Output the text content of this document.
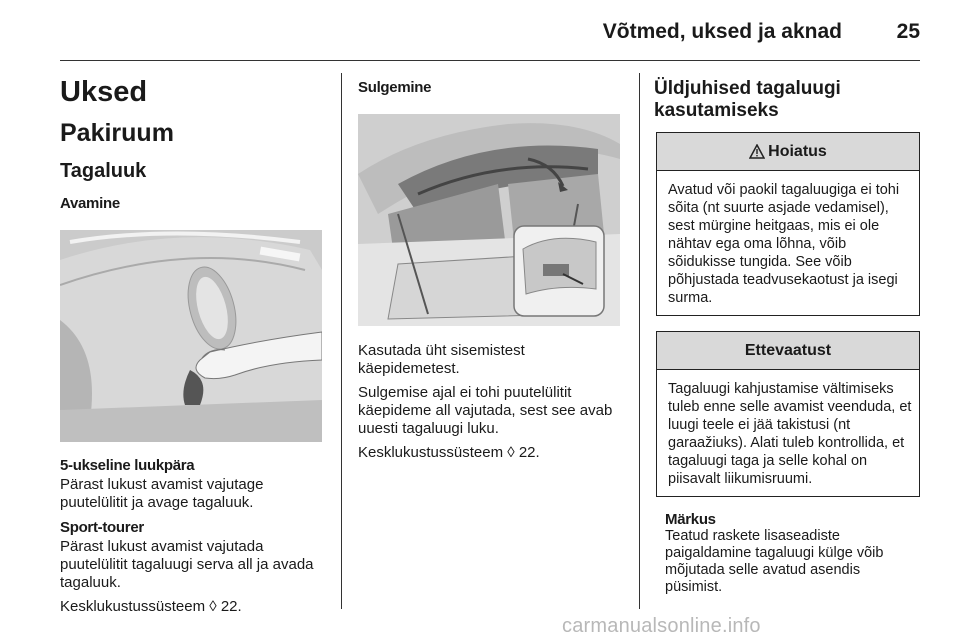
Võtmed, uksed ja aknad	25
Uksed
Pakiruum
Tagaluuk
Avamine
5-ukseline luukpära

Pärast lukust avamist vajutage puutelülitit ja avage tagaluuk.

Sport-tourer

Pärast lukust avamist vajutada puutelülitit tagaluugi serva all ja avada tagaluuk.

Kesklukustussüsteem ◊ 22.

Sulgemine

Kasutada üht sisemistest käepidemetest.

Sulgemise ajal ei tohi puutelülitit käepideme all vajutada, sest see avab uuesti tagaluugi luku.

Kesklukustussüsteem ◊ 22.

Üldjuhised tagaluugi kasutamiseks
Hoiatus
Avatud või paokil tagaluugiga ei tohi sõita (nt suurte asjade vedamisel), sest mürgine heitgaas, mis ei ole nähtav ega oma lõhna, võib sõidukisse tungida. See võib põhjustada teadvusekaotust ja isegi surma.
Ettevaatust
Tagaluugi kahjustamise vältimiseks tuleb enne selle avamist veenduda, et luugi teele ei jää takistusi (nt garaažiuks). Alati tuleb kontrollida, et tagaluugi taga ja selle kohal on piisavalt liikumisruumi.
Märkus

Teatud raskete lisaseadiste paigaldamine tagaluugi külge võib mõjutada selle avatud asendis püsimist.

carmanualsonline.info
